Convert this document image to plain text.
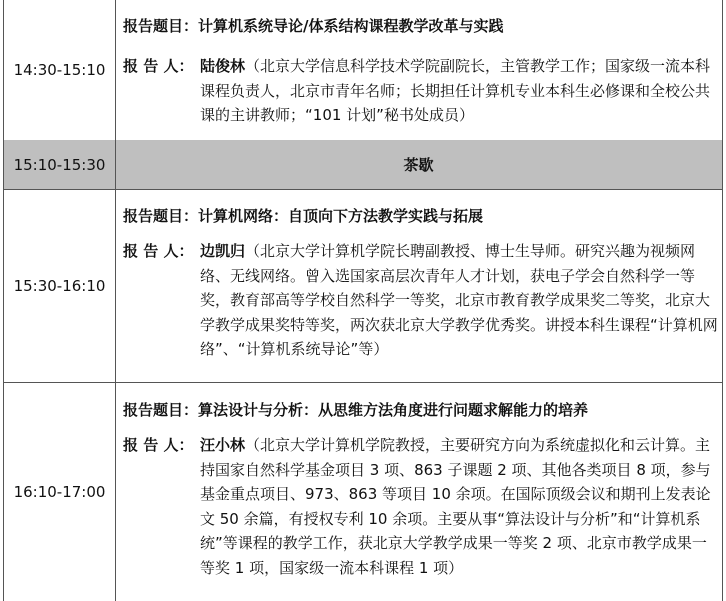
14:30-15:10
报告题目：计算机系统导论/体系结构课程教学改革与实践
报 告 人： 陆俊林（北京大学信息科学技术学院副院长，主管教学工作；国家级一流本科课程负责人，北京市青年名师；长期担任计算机专业本科生必修课和全校公共课的主讲教师；“101 计划”秘书处成员）
15:10-15:30	茶歇
15:30-16:10
报告题目：计算机网络：自顶向下方法教学实践与拓展
报 告 人： 边凯归（北京大学计算机学院长聘副教授、博士生导师。研究兴趣为视频网络、无线网络。曾入选国家高层次青年人才计划，获电子学会自然科学一等奖，教育部高等学校自然科学一等奖，北京市教育教学成果奖二等奖，北京大学教学成果奖特等奖，两次获北京大学教学优秀奖。讲授本科生课程“计算机网络”、“计算机系统导论”等）
16:10-17:00
报告题目：算法设计与分析：从思维方法角度进行问题求解能力的培养
报 告 人： 汪小林（北京大学计算机学院教授，主要研究方向为系统虚拟化和云计算。主持国家自然科学基金项目 3 项、863 子课题 2 项、其他各类项目 8 项，参与基金重点项目、973、863 等项目 10 余项。在国际顶级会议和期刊上发表论文 50 余篇，有授权专利 10 余项。主要从事“算法设计与分析”和“计算机系统”等课程的教学工作，获北京大学教学成果一等奖 2 项、北京市教学成果一等奖 1 项，国家级一流本科课程 1 项）
